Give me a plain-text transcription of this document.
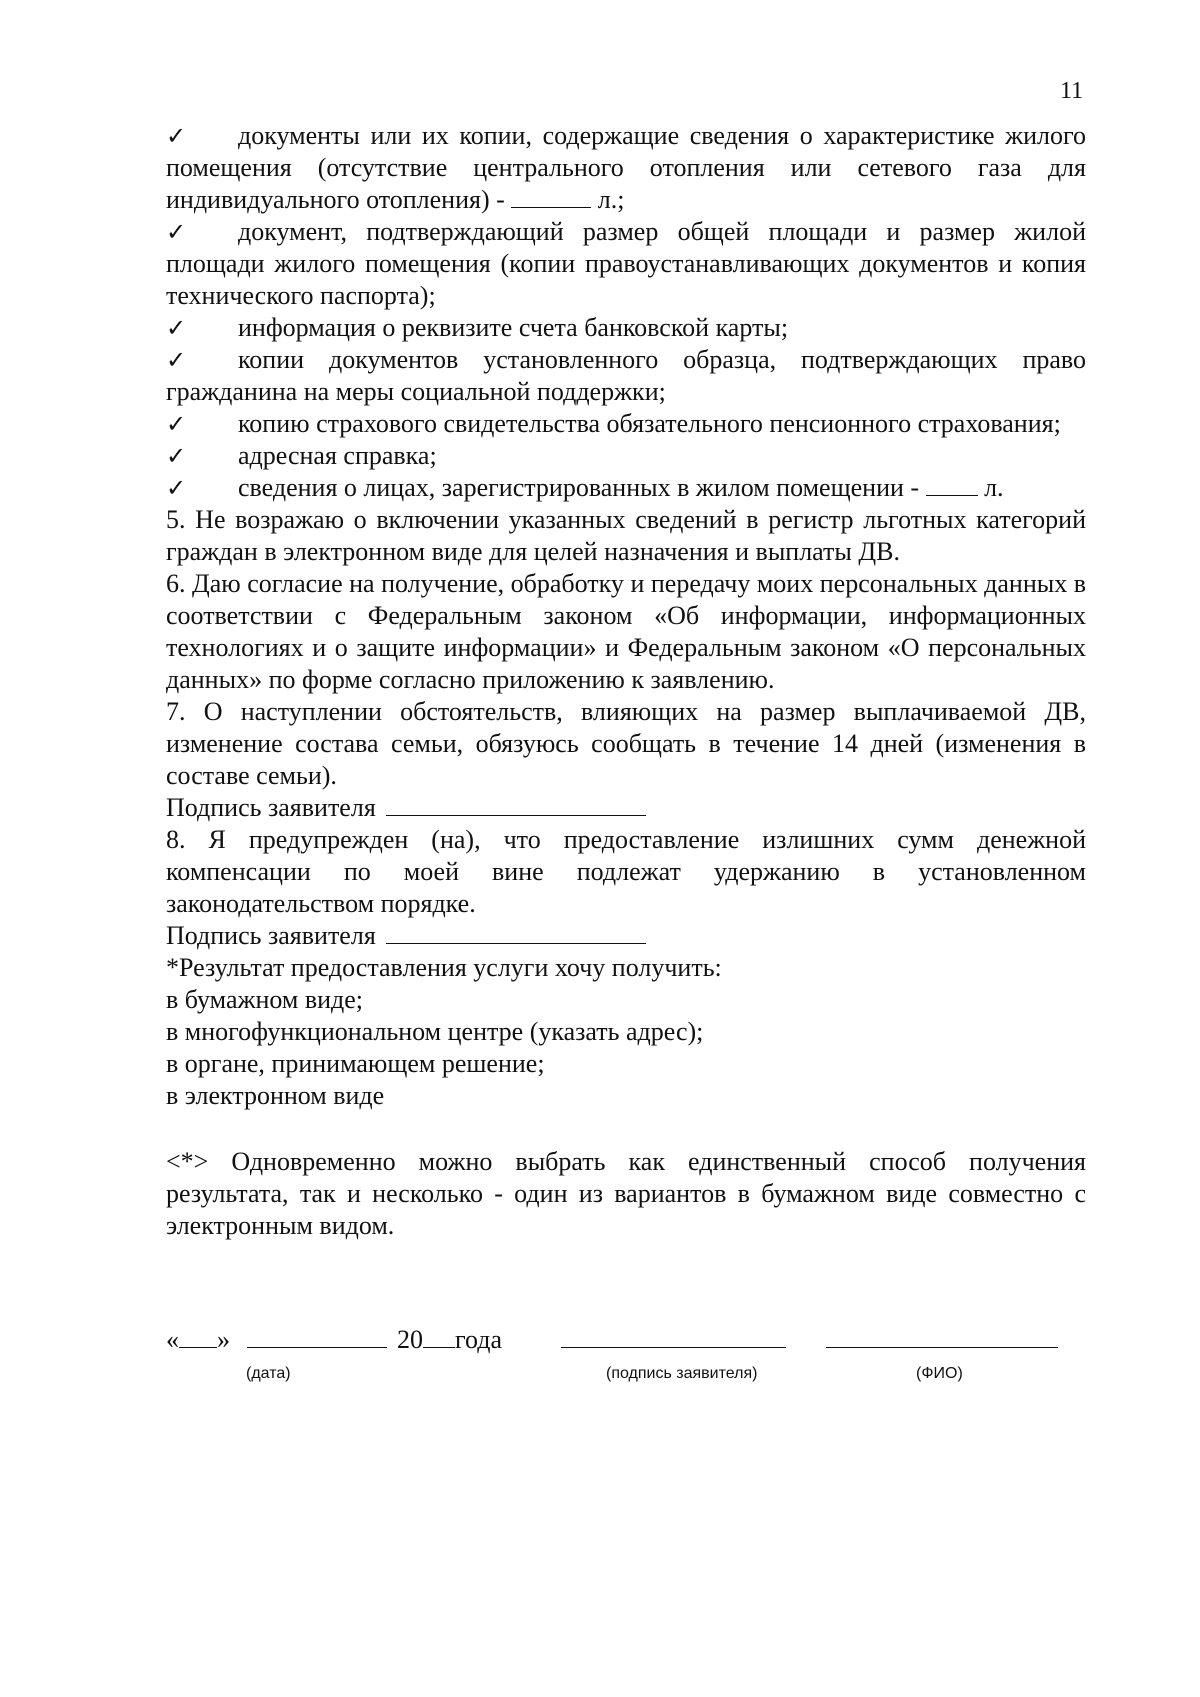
11
✓	документы или их копии, содержащие сведения о характеристике жилого помещения (отсутствие центрального отопления или сетевого газа для индивидуального отопления) -	л.;
✓	документ, подтверждающий размер общей площади и размер жилой площади жилого помещения (копии правоустанавливающих документов и копия технического паспорта);
✓	информация о реквизите счета банковской карты;
✓	копии документов установленного образца, подтверждающих право гражданина на меры социальной поддержки;
✓	копию страхового свидетельства обязательного пенсионного страхования;
✓	адресная справка;
✓	сведения о лицах, зарегистрированных в жилом помещении -  л.
5. Не возражаю о включении указанных сведений в регистр льготных категорий граждан в электронном виде для целей назначения и выплаты ДВ.
6. Даю согласие на получение, обработку и передачу моих персональных данных в соответствии с Федеральным законом «Об информации, информационных технологиях и о защите информации» и Федеральным законом «О персональных данных» по форме согласно приложению к заявлению.
7. О наступлении обстоятельств, влияющих на размер выплачиваемой ДВ, изменение состава семьи, обязуюсь сообщать в течение 14 дней (изменения в составе семьи).
Подпись заявителя
8. Я предупрежден (на), что предоставление излишних сумм денежной компенсации по моей вине подлежат удержанию в установленном законодательством порядке.
Подпись заявителя
*Результат предоставления услуги хочу получить:
в бумажном виде;
в многофункциональном центре (указать адрес);
в органе, принимающем решение;
в электронном виде
<*> Одновременно можно выбрать как единственный способ получения результата, так и несколько - один из вариантов в бумажном виде совместно с электронным видом.
« »	20 года
(дата)	(подпись заявителя)	(ФИО)
